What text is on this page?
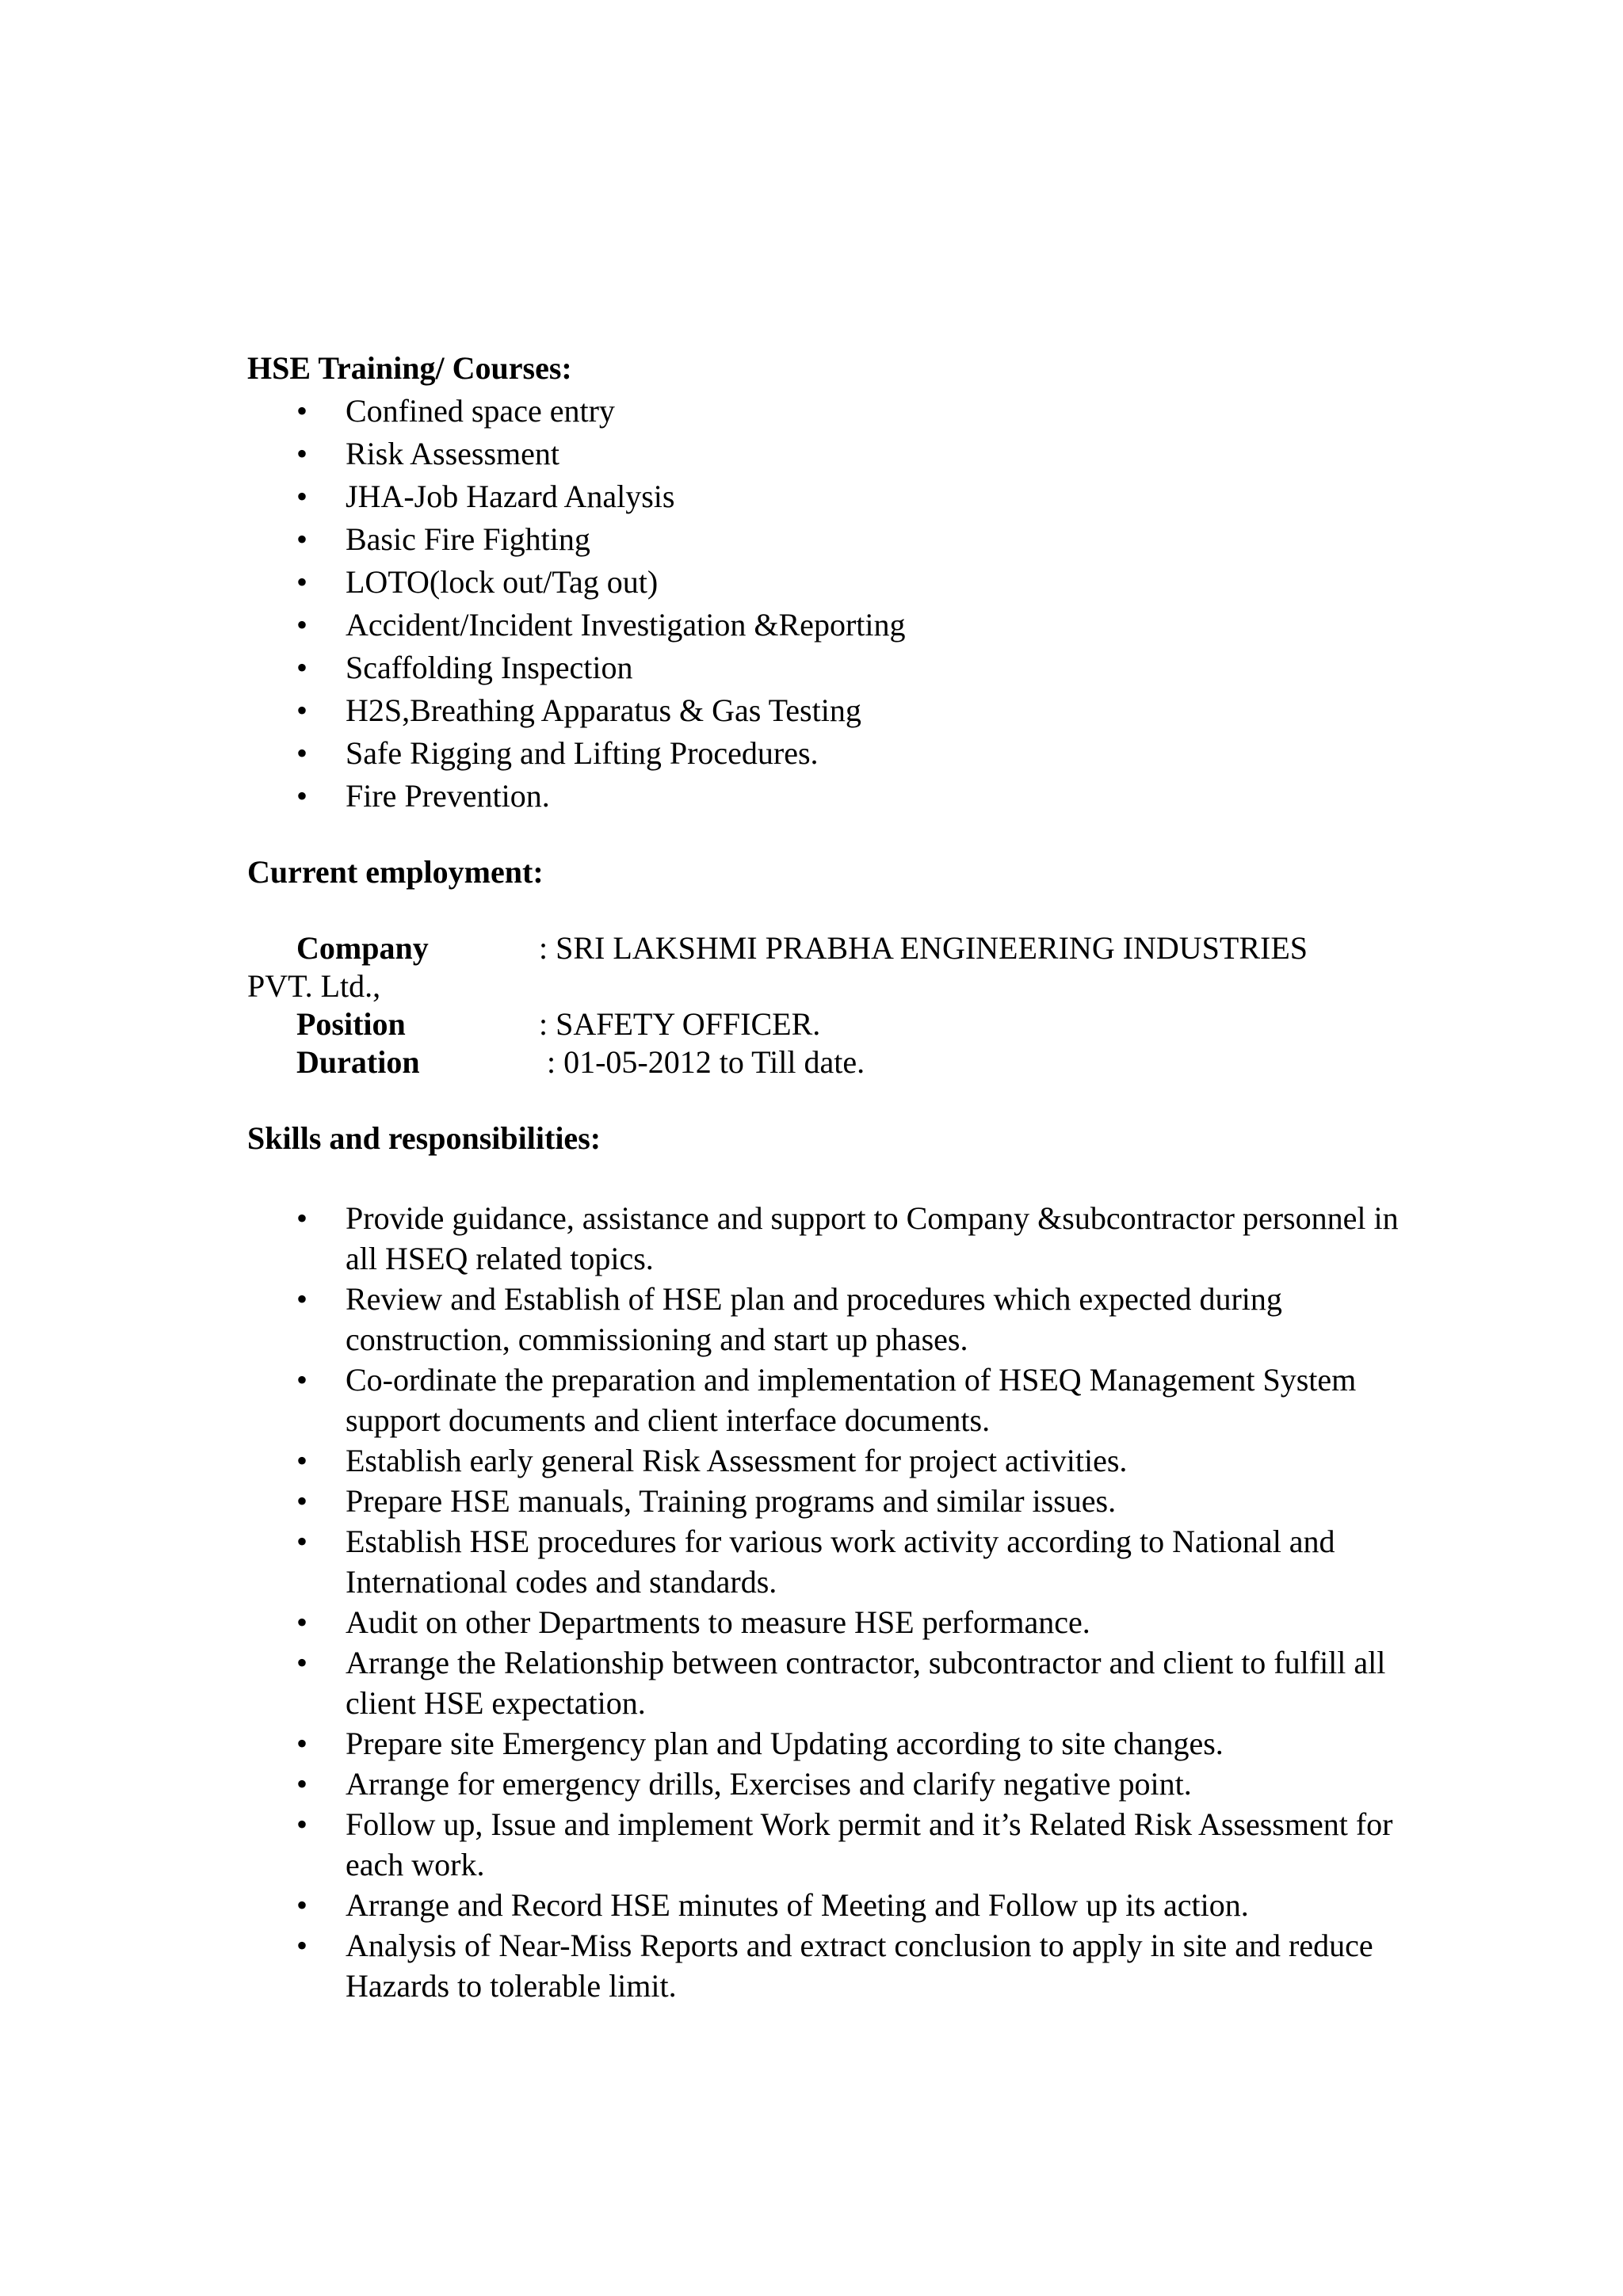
HSE Training/ Courses:

• Confined space entry
• Risk Assessment
• JHA-Job Hazard Analysis
• Basic Fire Fighting
• LOTO(lock out/Tag out)
• Accident/Incident Investigation &Reporting
• Scaffolding Inspection
• H2S,Breathing Apparatus & Gas Testing
• Safe Rigging and Lifting Procedures.
• Fire Prevention.

Current employment:

Company	: SRI LAKSHMI PRABHA ENGINEERING INDUSTRIES
PVT. Ltd.,
Position	: SAFETY OFFICER.
Duration	: 01-05-2012 to Till date.

Skills and responsibilities:

• Provide guidance, assistance and support to Company &subcontractor personnel in all HSEQ related topics.
• Review and Establish of HSE plan and procedures which expected during construction, commissioning and start up phases.
• Co-ordinate the preparation and implementation of HSEQ Management System support documents and client interface documents.
• Establish early general Risk Assessment for project activities.
• Prepare HSE manuals, Training programs and similar issues.
• Establish HSE procedures for various work activity according to National and International codes and standards.
• Audit on other Departments to measure HSE performance.
• Arrange the Relationship between contractor, subcontractor and client to fulfill all client HSE expectation.
• Prepare site Emergency plan and Updating according to site changes.
• Arrange for emergency drills, Exercises and clarify negative point.
• Follow up, Issue and implement Work permit and it’s Related Risk Assessment for each work.
• Arrange and Record HSE minutes of Meeting and Follow up its action.
• Analysis of Near-Miss Reports and extract conclusion to apply in site and reduce Hazards to tolerable limit.
